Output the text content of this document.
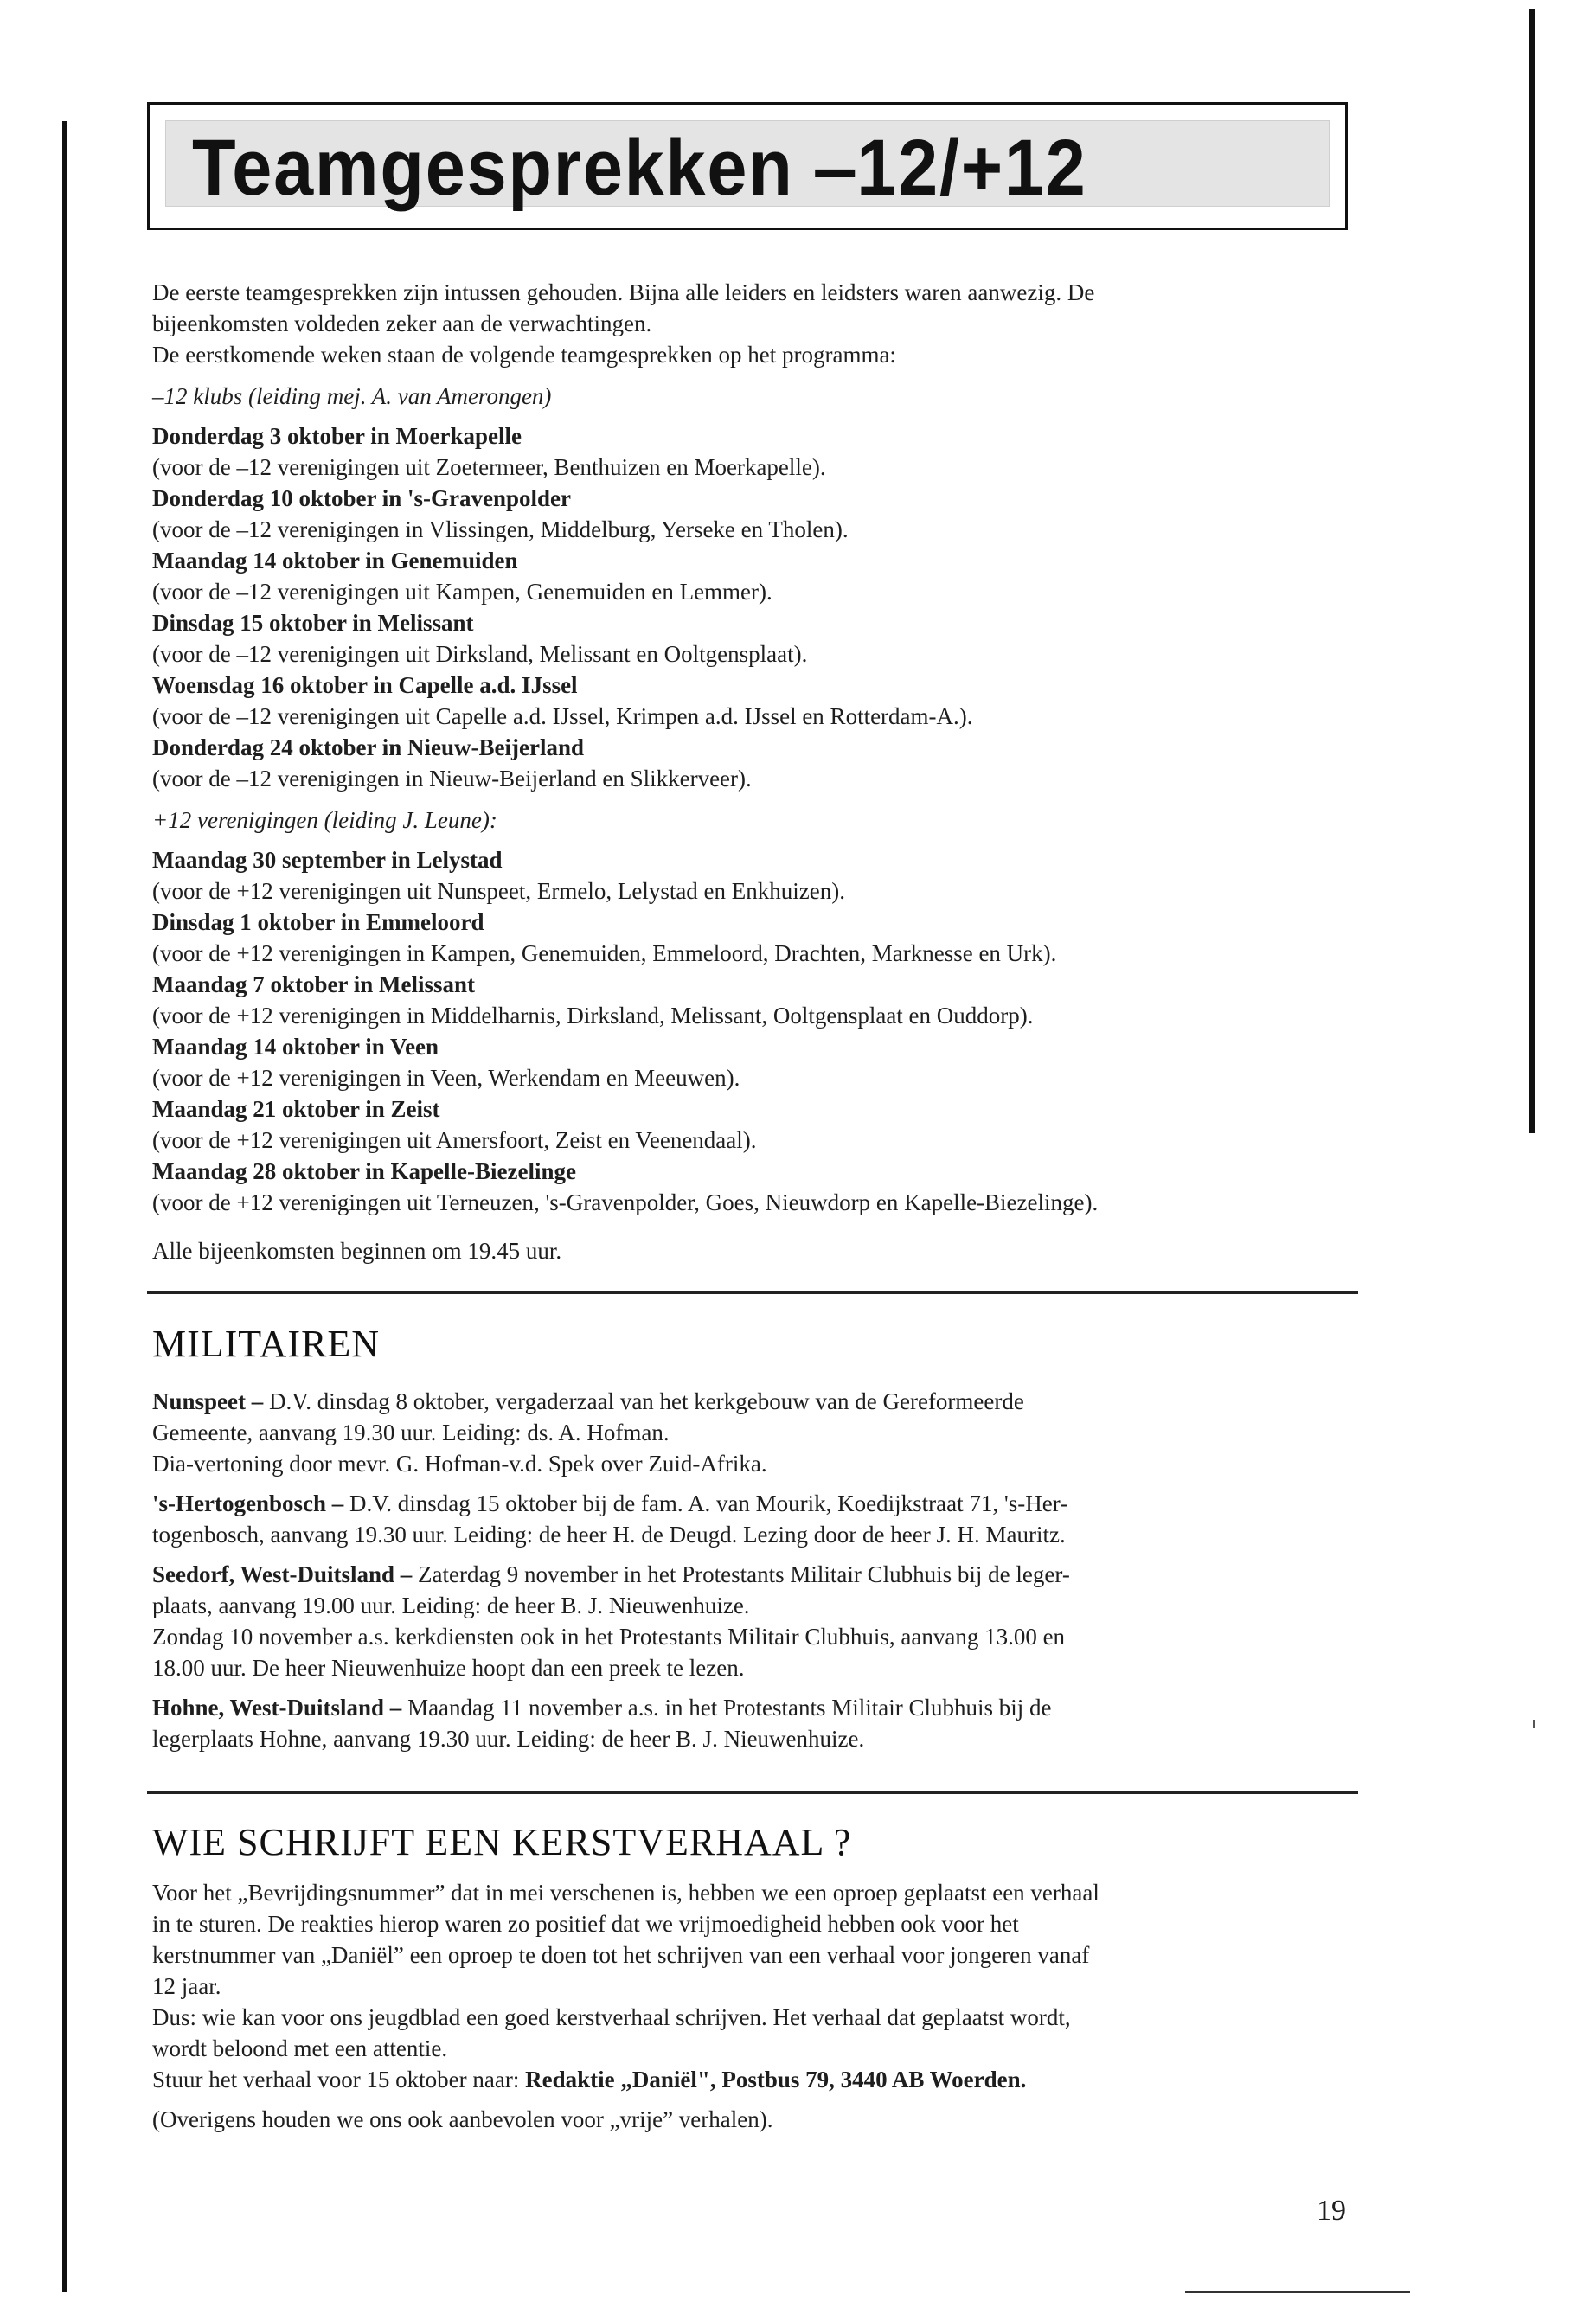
Teamgesprekken ‒12/+12

De eerste teamgesprekken zijn intussen gehouden. Bijna alle leiders en leidsters waren aanwezig. De

bijeenkomsten voldeden zeker aan de verwachtingen.

De eerstkomende weken staan de volgende teamgesprekken op het programma:

‒12 klubs (leiding mej. A. van Amerongen)

Donderdag 3 oktober in Moerkapelle

(voor de ‒12 verenigingen uit Zoetermeer, Benthuizen en Moerkapelle).

Donderdag 10 oktober in 's-Gravenpolder

(voor de ‒12 verenigingen in Vlissingen, Middelburg, Yerseke en Tholen).

Maandag 14 oktober in Genemuiden

(voor de ‒12 verenigingen uit Kampen, Genemuiden en Lemmer).

Dinsdag 15 oktober in Melissant

(voor de ‒12 verenigingen uit Dirksland, Melissant en Ooltgensplaat).

Woensdag 16 oktober in Capelle a.d. IJssel

(voor de ‒12 verenigingen uit Capelle a.d. IJssel, Krimpen a.d. IJssel en Rotterdam-A.).

Donderdag 24 oktober in Nieuw-Beijerland

(voor de ‒12 verenigingen in Nieuw-Beijerland en Slikkerveer).

+12 verenigingen (leiding J. Leune):

Maandag 30 september in Lelystad

(voor de +12 verenigingen uit Nunspeet, Ermelo, Lelystad en Enkhuizen).

Dinsdag 1 oktober in Emmeloord

(voor de +12 verenigingen in Kampen, Genemuiden, Emmeloord, Drachten, Marknesse en Urk).

Maandag 7 oktober in Melissant

(voor de +12 verenigingen in Middelharnis, Dirksland, Melissant, Ooltgensplaat en Ouddorp).

Maandag 14 oktober in Veen

(voor de +12 verenigingen in Veen, Werkendam en Meeuwen).

Maandag 21 oktober in Zeist

(voor de +12 verenigingen uit Amersfoort, Zeist en Veenendaal).

Maandag 28 oktober in Kapelle-Biezelinge

(voor de +12 verenigingen uit Terneuzen, 's-Gravenpolder, Goes, Nieuwdorp en Kapelle-Biezelinge).

Alle bijeenkomsten beginnen om 19.45 uur.

MILITAIREN

Nunspeet – D.V. dinsdag 8 oktober, vergaderzaal van het kerkgebouw van de Gereformeerde

Gemeente, aanvang 19.30 uur. Leiding: ds. A. Hofman.

Dia-vertoning door mevr. G. Hofman-v.d. Spek over Zuid-Afrika.

's-Hertogenbosch – D.V. dinsdag 15 oktober bij de fam. A. van Mourik, Koedijkstraat 71, 's-Her-

togenbosch, aanvang 19.30 uur. Leiding: de heer H. de Deugd. Lezing door de heer J. H. Mauritz.

Seedorf, West-Duitsland – Zaterdag 9 november in het Protestants Militair Clubhuis bij de leger-

plaats, aanvang 19.00 uur. Leiding: de heer B. J. Nieuwenhuize.

Zondag 10 november a.s. kerkdiensten ook in het Protestants Militair Clubhuis, aanvang 13.00 en

18.00 uur. De heer Nieuwenhuize hoopt dan een preek te lezen.

Hohne, West-Duitsland – Maandag 11 november a.s. in het Protestants Militair Clubhuis bij de

legerplaats Hohne, aanvang 19.30 uur. Leiding: de heer B. J. Nieuwenhuize.

WIE SCHRIJFT EEN KERSTVERHAAL ?

Voor het „Bevrijdingsnummer” dat in mei verschenen is, hebben we een oproep geplaatst een verhaal

in te sturen. De reakties hierop waren zo positief dat we vrijmoedigheid hebben ook voor het

kerstnummer van „Daniël” een oproep te doen tot het schrijven van een verhaal voor jongeren vanaf

12 jaar.

Dus: wie kan voor ons jeugdblad een goed kerstverhaal schrijven. Het verhaal dat geplaatst wordt,

wordt beloond met een attentie.

Stuur het verhaal voor 15 oktober naar: Redaktie „Daniël", Postbus 79, 3440 AB Woerden.

(Overigens houden we ons ook aanbevolen voor „vrije” verhalen).

19
